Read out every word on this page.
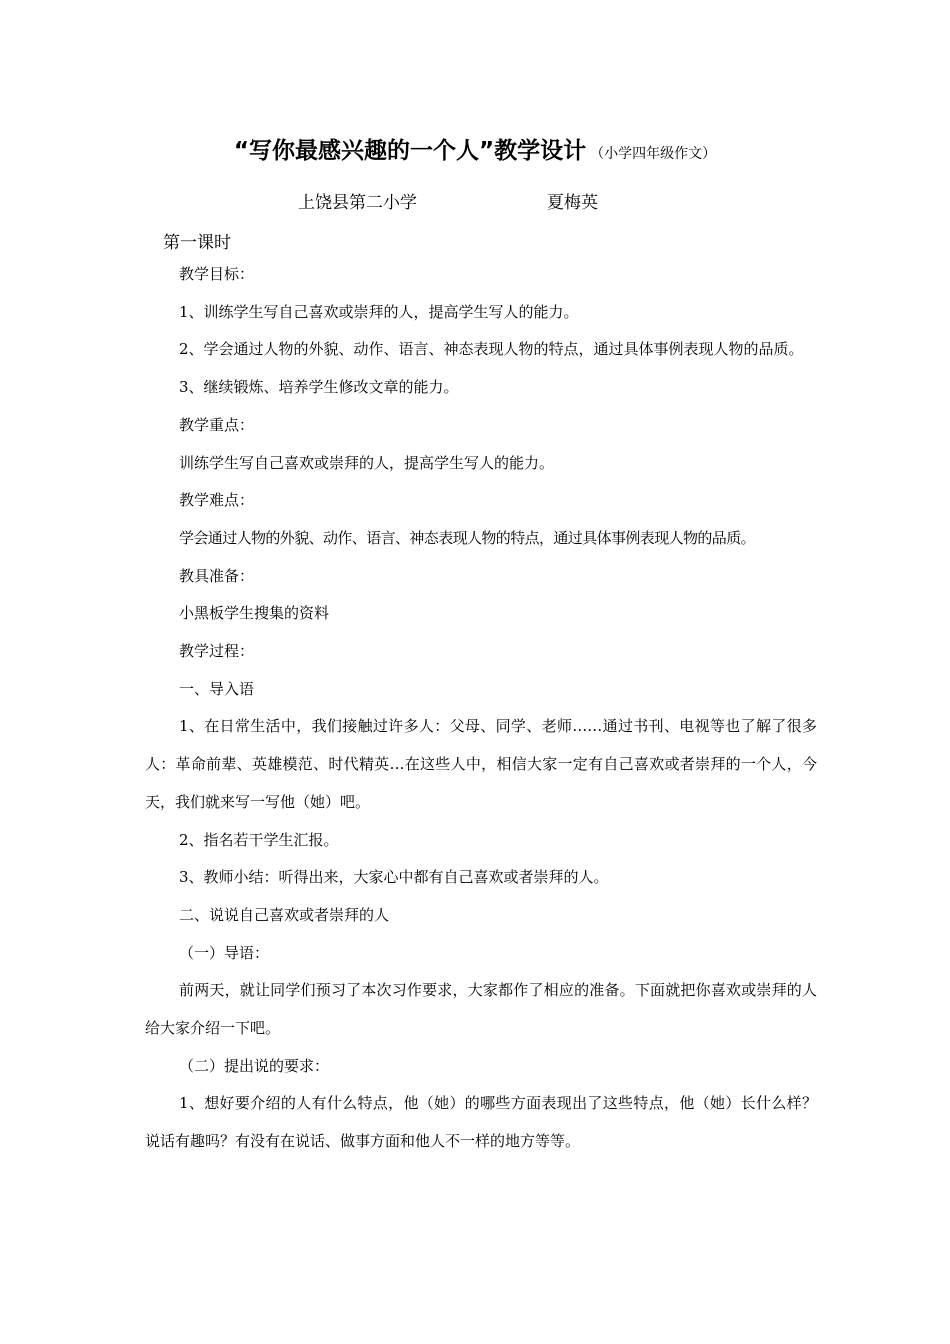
“写你最感兴趣的一个人”教学设计 （小学四年级作文）
上饶县第二小学	夏梅英
第一课时

教学目标：

1、训练学生写自己喜欢或崇拜的人，提高学生写人的能力。

2、学会通过人物的外貌、动作、语言、神态表现人物的特点，通过具体事例表现人物的品质。

3、继续锻炼、培养学生修改文章的能力。

教学重点：

训练学生写自己喜欢或崇拜的人，提高学生写人的能力。

教学难点：

学会通过人物的外貌、动作、语言、神态表现人物的特点，通过具体事例表现人物的品质。

教具准备：

小黑板学生搜集的资料

教学过程：

一、导入语

1、在日常生活中，我们接触过许多人：父母、同学、老师……通过书刊、电视等也了解了很多人：革命前辈、英雄模范、时代精英…在这些人中，相信大家一定有自己喜欢或者崇拜的一个人，今天，我们就来写一写他（她）吧。

2、指名若干学生汇报。

3、教师小结：听得出来，大家心中都有自己喜欢或者崇拜的人。

二、说说自己喜欢或者崇拜的人

（一）导语：

前两天，就让同学们预习了本次习作要求，大家都作了相应的准备。下面就把你喜欢或崇拜的人给大家介绍一下吧。

（二）提出说的要求：

1、想好要介绍的人有什么特点，他（她）的哪些方面表现出了这些特点，他（她）长什么样？说话有趣吗？有没有在说话、做事方面和他人不一样的地方等等。
